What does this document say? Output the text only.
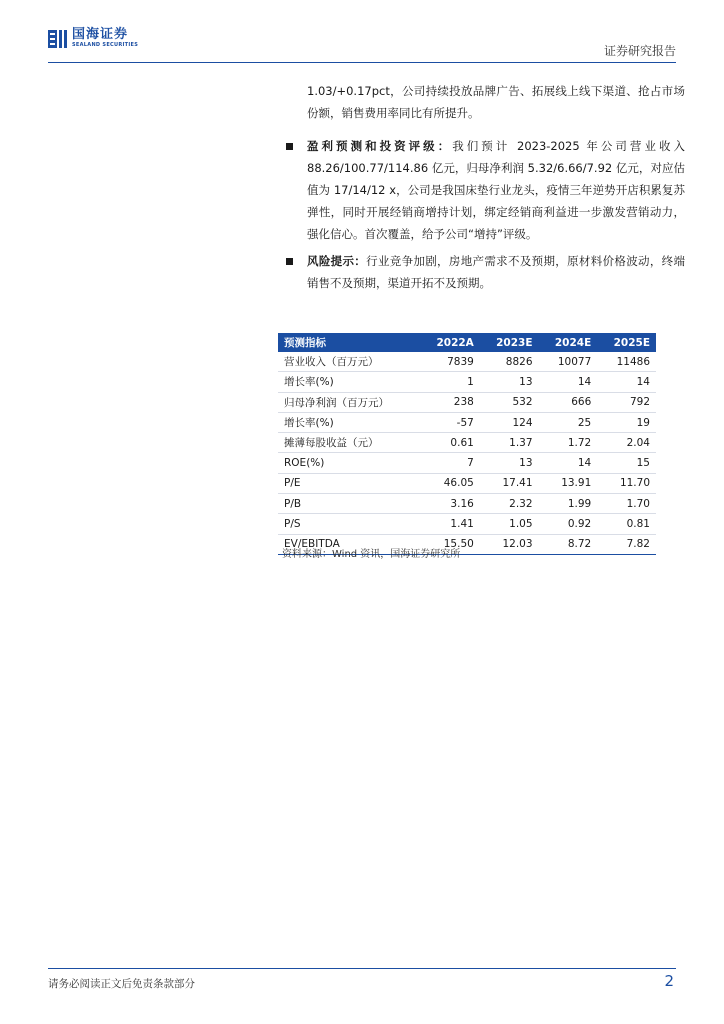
国海证券
SEALAND SECURITIES	证券研究报告
1.03/+0.17pct，公司持续投放品牌广告、拓展线上线下渠道、抢占市场份额，销售费用率同比有所提升。
盈利预测和投资评级：我们预计 2023-2025 年公司营业收入 88.26/100.77/114.86 亿元，归母净利润 5.32/6.66/7.92 亿元，对应估值为 17/14/12 x，公司是我国床垫行业龙头，疫情三年逆势开店积累复苏弹性，同时开展经销商增持计划，绑定经销商利益进一步激发营销动力，强化信心。首次覆盖，给予公司“增持”评级。
风险提示：行业竞争加剧，房地产需求不及预期，原材料价格波动，终端销售不及预期，渠道开拓不及预期。
预测指标	2022A	2023E	2024E	2025E
营业收入（百万元）	7839	8826	10077	11486
增长率(%)	1	13	14	14
归母净利润（百万元）	238	532	666	792
增长率(%)	-57	124	25	19
摊薄每股收益（元）	0.61	1.37	1.72	2.04
ROE(%)	7	13	14	15
P/E	46.05	17.41	13.91	11.70
P/B	3.16	2.32	1.99	1.70
P/S	1.41	1.05	0.92	0.81
EV/EBITDA	15.50	12.03	8.72	7.82
资料来源：Wind 资讯，国海证券研究所
请务必阅读正文后免责条款部分	2
